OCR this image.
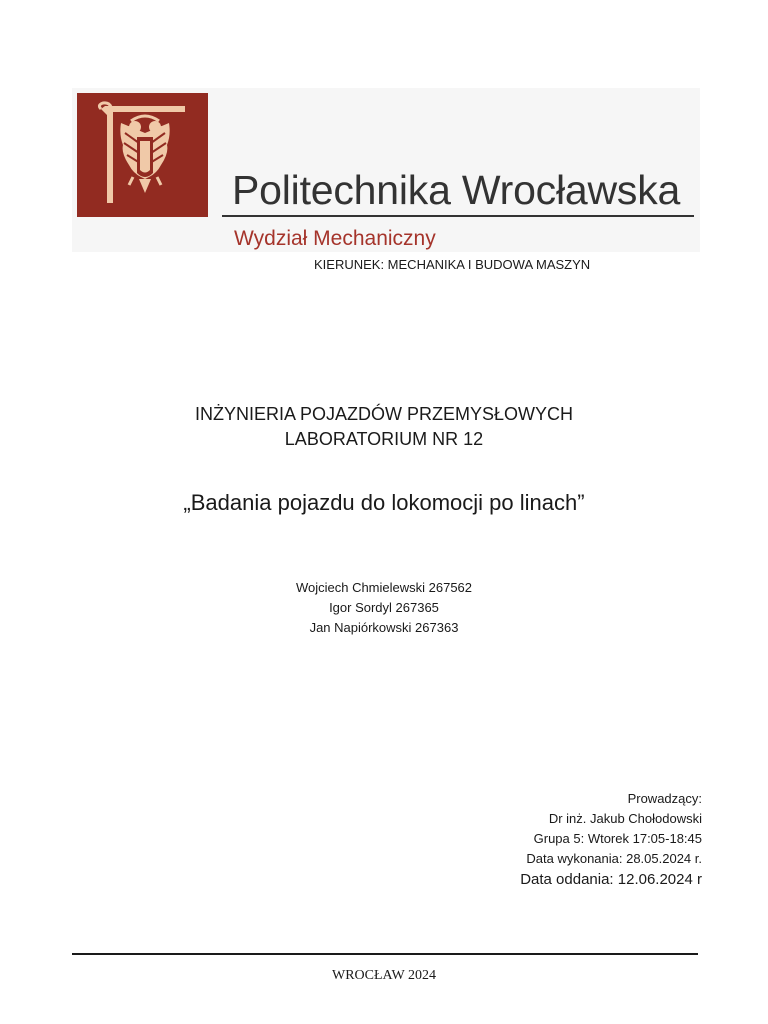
Politechnika Wrocławska
Wydział Mechaniczny
KIERUNEK: MECHANIKA I BUDOWA MASZYN
INŻYNIERIA POJAZDÓW PRZEMYSŁOWYCH
LABORATORIUM NR 12
„Badania pojazdu do lokomocji po linach”
Wojciech Chmielewski 267562
Igor Sordyl 267365
Jan Napiórkowski 267363
Prowadzący:
Dr inż. Jakub Chołodowski
Grupa 5: Wtorek 17:05-18:45
Data wykonania: 28.05.2024 r.
Data oddania: 12.06.2024 r
WROCŁAW 2024
